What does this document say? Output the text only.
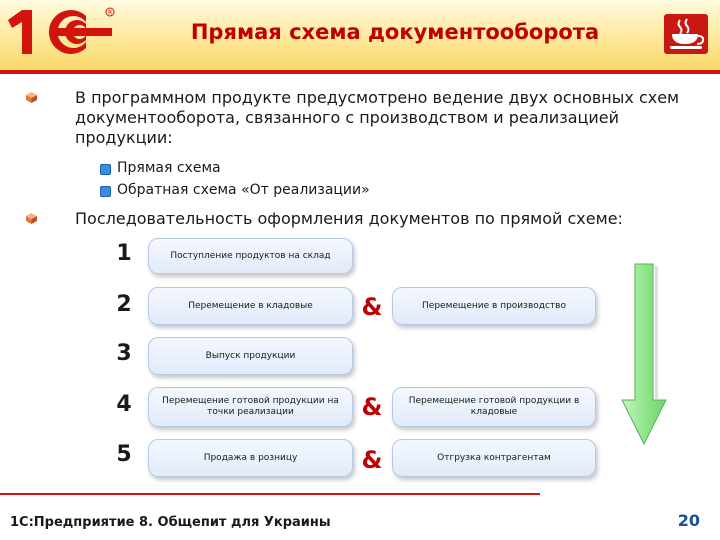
R
Прямая схема документооборота
В программном продукте предусмотрено ведение двух основных схем документооборота, связанного с производством и реализацией продукции:
Прямая схема
Обратная схема «От реализации»
Последовательность оформления документов по прямой схеме:
1	Поступление продуктов на склад
2	Перемещение в кладовые	&	Перемещение в производство
3	Выпуск продукции
4	Перемещение готовой продукции на точки реализации	&	Перемещение готовой продукции в кладовые
5	Продажа в розницу	&	Отгрузка контрагентам
1С:Предприятие 8. Общепит для Украины	20
